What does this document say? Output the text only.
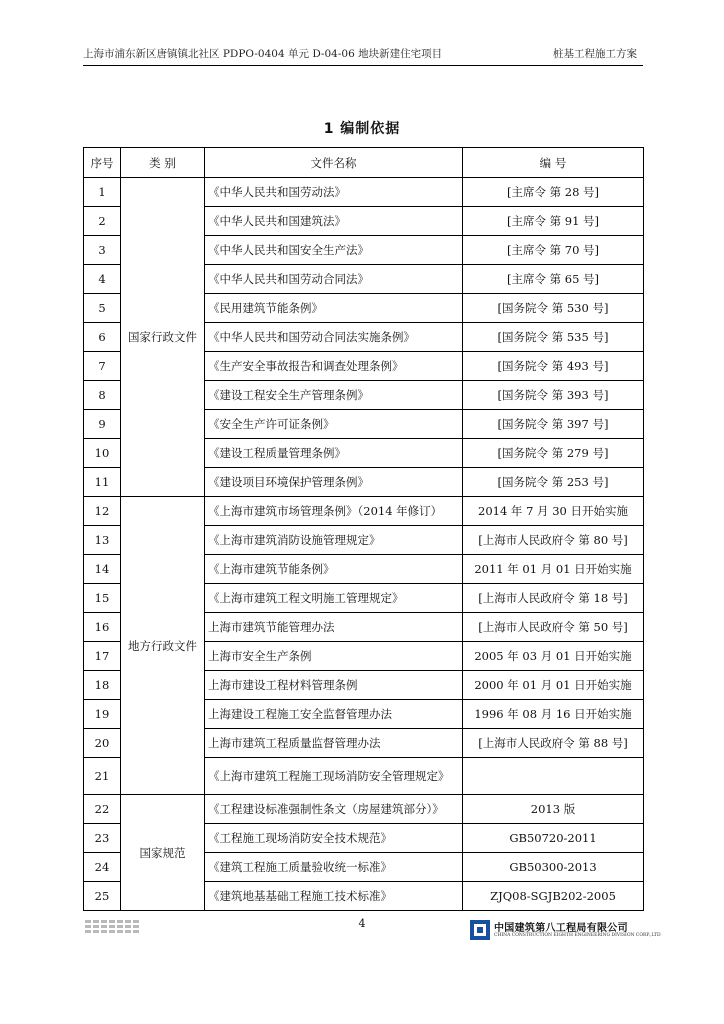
上海市浦东新区唐镇镇北社区 PDPO-0404 单元 D-04-06 地块新建住宅项目	桩基工程施工方案
1 编制依据
序号	类 别	文件名称	编 号
1	国家行政文件	《中华人民共和国劳动法》	[主席令 第 28 号]
2		《中华人民共和国建筑法》	[主席令 第 91 号]
3		《中华人民共和国安全生产法》	[主席令 第 70 号]
4		《中华人民共和国劳动合同法》	[主席令 第 65 号]
5		《民用建筑节能条例》	[国务院令 第 530 号]
6		《中华人民共和国劳动合同法实施条例》	[国务院令 第 535 号]
7		《生产安全事故报告和调查处理条例》	[国务院令 第 493 号]
8		《建设工程安全生产管理条例》	[国务院令 第 393 号]
9		《安全生产许可证条例》	[国务院令 第 397 号]
10		《建设工程质量管理条例》	[国务院令 第 279 号]
11		《建设项目环境保护管理条例》	[国务院令 第 253 号]
12	地方行政文件	《上海市建筑市场管理条例》（2014 年修订）	2014 年 7 月 30 日开始实施
13		《上海市建筑消防设施管理规定》	[上海市人民政府令 第 80 号]
14		《上海市建筑节能条例》	2011 年 01 月 01 日开始实施
15		《上海市建筑工程文明施工管理规定》	[上海市人民政府令 第 18 号]
16		上海市建筑节能管理办法	[上海市人民政府令 第 50 号]
17		上海市安全生产条例	2005 年 03 月 01 日开始实施
18		上海市建设工程材料管理条例	2000 年 01 月 01 日开始实施
19		上海建设工程施工安全监督管理办法	1996 年 08 月 16 日开始实施
20		上海市建筑工程质量监督管理办法	[上海市人民政府令 第 88 号]
21		《上海市建筑工程施工现场消防安全管理规定》	
22	国家规范	《工程建设标准强制性条文（房屋建筑部分）》	2013 版
23		《工程施工现场消防安全技术规范》	GB50720-2011
24		《建筑工程施工质量验收统一标准》	GB50300-2013
25		《建筑地基基础工程施工技术标准》	ZJQ08-SGJB202-2005
4	中国建筑第八工程局有限公司
CHINA CONSTRUCTION EIGHTH ENGINEERING DIVISION CORP.,LTD
